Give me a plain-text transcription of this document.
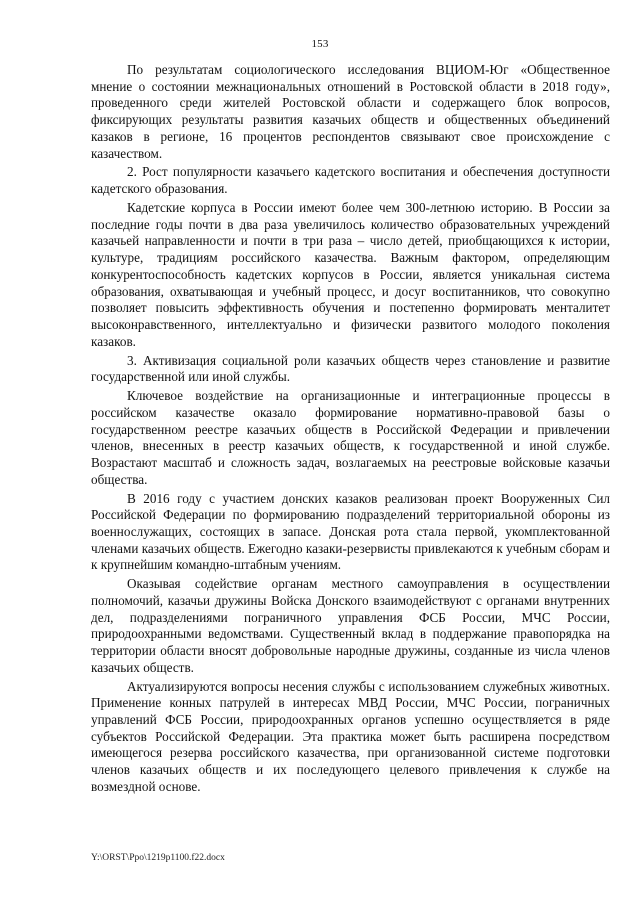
153

По результатам социологического исследования ВЦИОМ-Юг «Общественное мнение о состоянии межнациональных отношений в Ростовской области в 2018 году», проведенного среди жителей Ростовской области и содержащего блок вопросов, фиксирующих результаты развития казачьих обществ и общественных объединений казаков в регионе, 16 процентов респондентов связывают свое происхождение с казачеством.

2. Рост популярности казачьего кадетского воспитания и обеспечения доступности кадетского образования.

Кадетские корпуса в России имеют более чем 300-летнюю историю. В России за последние годы почти в два раза увеличилось количество образовательных учреждений казачьей направленности и почти в три раза – число детей, приобщающихся к истории, культуре, традициям российского казачества. Важным фактором, определяющим конкурентоспособность кадетских корпусов в России, является уникальная система образования, охватывающая и учебный процесс, и досуг воспитанников, что совокупно позволяет повысить эффективность обучения и постепенно формировать менталитет высоконравственного, интеллектуально и физически развитого молодого поколения казаков.

3. Активизация социальной роли казачьих обществ через становление и развитие государственной или иной службы.

Ключевое воздействие на организационные и интеграционные процессы в российском казачестве оказало формирование нормативно-правовой базы о государственном реестре казачьих обществ в Российской Федерации и привлечении членов, внесенных в реестр казачьих обществ, к государственной и иной службе. Возрастают масштаб и сложность задач, возлагаемых на реестровые войсковые казачьи общества.

В 2016 году с участием донских казаков реализован проект Вооруженных Сил Российской Федерации по формированию подразделений территориальной обороны из военнослужащих, состоящих в запасе. Донская рота стала первой, укомплектованной членами казачьих обществ. Ежегодно казаки-резервисты привлекаются к учебным сборам и к крупнейшим командно-штабным учениям.

Оказывая содействие органам местного самоуправления в осуществлении полномочий, казачьи дружины Войска Донского взаимодействуют с органами внутренних дел, подразделениями пограничного управления ФСБ России, МЧС России, природоохранными ведомствами. Существенный вклад в поддержание правопорядка на территории области вносят добровольные народные дружины, созданные из числа членов казачьих обществ.

Актуализируются вопросы несения службы с использованием служебных животных. Применение конных патрулей в интересах МВД России, МЧС России, пограничных управлений ФСБ России, природоохранных органов успешно осуществляется в ряде субъектов Российской Федерации. Эта практика может быть расширена посредством имеющегося резерва российского казачества, при организованной системе подготовки членов казачьих обществ и их последующего целевого привлечения к службе на возмездной основе.

Y:\ORST\Ppo\1219p1100.f22.docx
